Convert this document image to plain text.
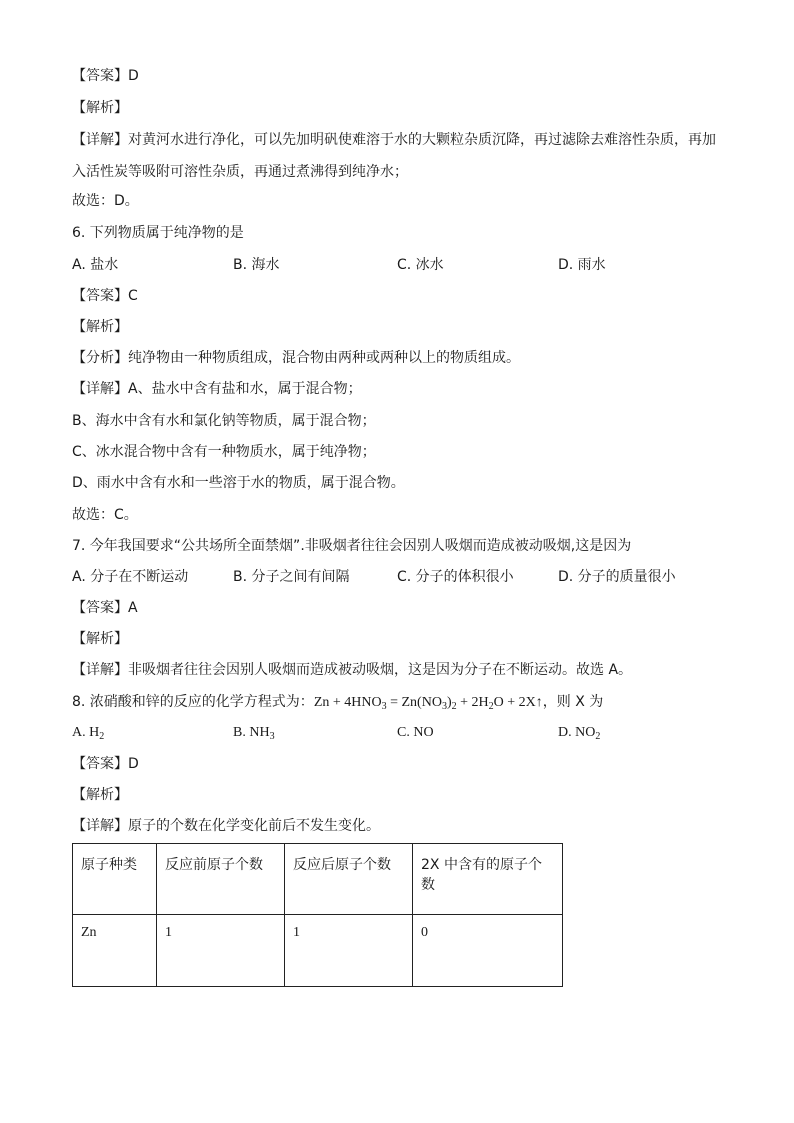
【答案】D
【解析】
【详解】对黄河水进行净化，可以先加明矾使难溶于水的大颗粒杂质沉降，再过滤除去难溶性杂质，再加入活性炭等吸附可溶性杂质，再通过煮沸得到纯净水；
故选：D。
6. 下列物质属于纯净物的是
A. 盐水	B. 海水	C. 冰水	D. 雨水
【答案】C
【解析】
【分析】纯净物由一种物质组成，混合物由两种或两种以上的物质组成。
【详解】A、盐水中含有盐和水，属于混合物；
B、海水中含有水和氯化钠等物质，属于混合物；
C、冰水混合物中含有一种物质水，属于纯净物；
D、雨水中含有水和一些溶于水的物质，属于混合物。
故选：C。
7. 今年我国要求“公共场所全面禁烟”.非吸烟者往往会因别人吸烟而造成被动吸烟,这是因为
A. 分子在不断运动	B. 分子之间有间隔	C. 分子的体积很小	D. 分子的质量很小
【答案】A
【解析】
【详解】非吸烟者往往会因别人吸烟而造成被动吸烟，这是因为分子在不断运动。故选 A。
8. 浓硝酸和锌的反应的化学方程式为：$Zn + 4HNO_3 = Zn(NO_3)_2 + 2H_2O$ + 2X↑，则 X 为
A. $H_2$	B. $NH_3$	C. NO	D. $NO_2$
【答案】D
【解析】
【详解】原子的个数在化学变化前后不发生变化。
原子种类	反应前原子个数	反应后原子个数	2X 中含有的原子个数
Zn	1	1	0
